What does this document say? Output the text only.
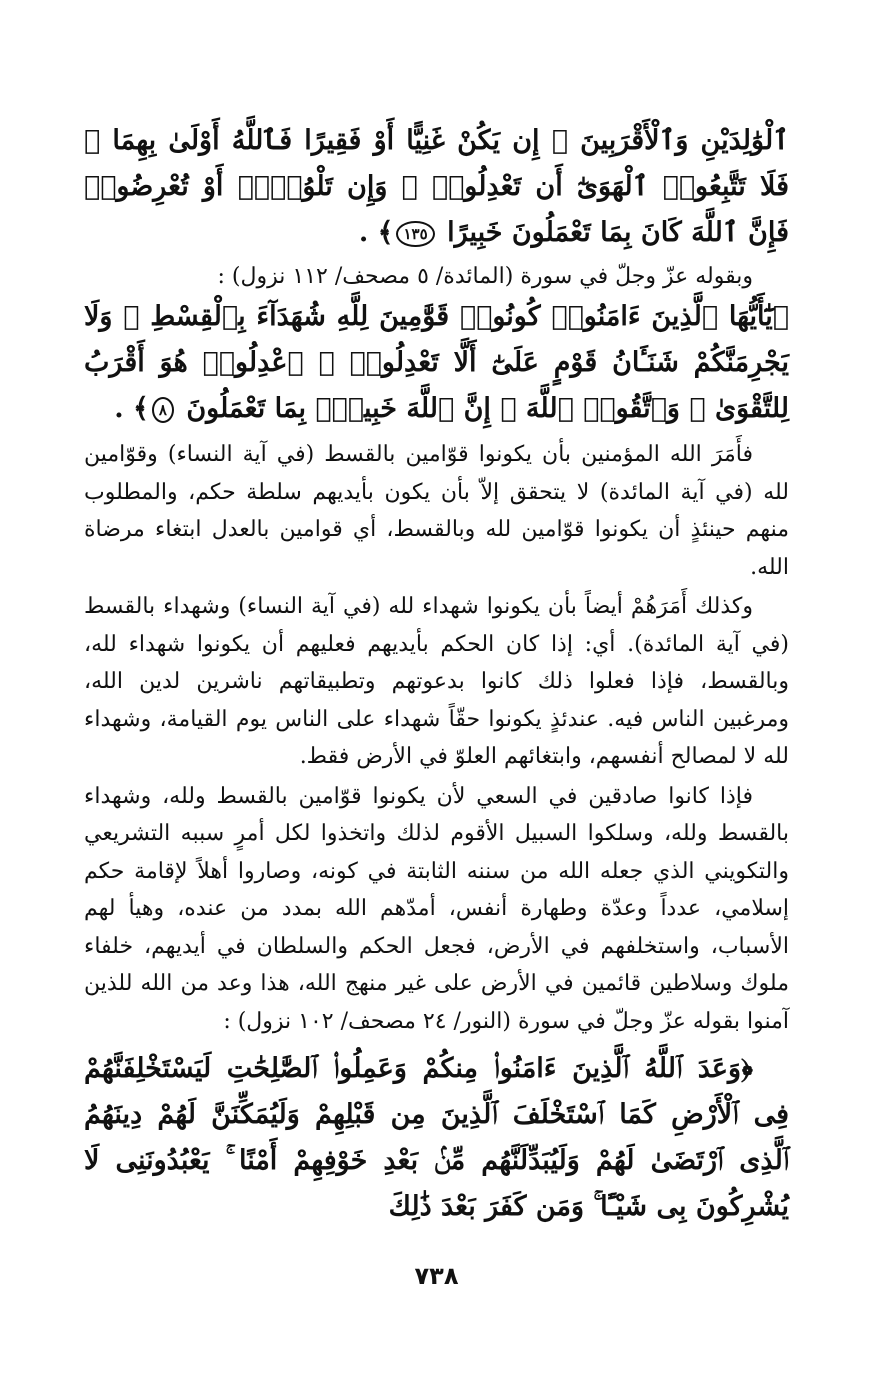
ٱلْوَٰلِدَيْنِ وَٱلْأَقْرَبِينَ ۚ إِن يَكُنْ غَنِيًّا أَوْ فَقِيرًا فَٱللَّهُ أَوْلَىٰ بِهِمَا ۖ فَلَا تَتَّبِعُوا۟ ٱلْهَوَىٰٓ أَن تَعْدِلُوا۟ ۚ وَإِن تَلْوُۥٓا۟ أَوْ تُعْرِضُوا۟ فَإِنَّ ٱللَّهَ كَانَ بِمَا تَعْمَلُونَ خَبِيرًا ١٣٥﴾ .

وبقوله عزّ وجلّ في سورة (المائدة/ ٥ مصحف/ ١١٢ نزول) :

﴿يَٰٓأَيُّهَا ٱلَّذِينَ ءَامَنُوا۟ كُونُوا۟ قَوَّٰمِينَ لِلَّهِ شُهَدَآءَ بِٱلْقِسْطِ ۖ وَلَا يَجْرِمَنَّكُمْ شَنَـَٔانُ قَوْمٍ عَلَىٰٓ أَلَّا تَعْدِلُوا۟ ۚ ٱعْدِلُوا۟ هُوَ أَقْرَبُ لِلتَّقْوَىٰ ۖ وَٱتَّقُوا۟ ٱللَّهَ ۚ إِنَّ ٱللَّهَ خَبِيرٌۢ بِمَا تَعْمَلُونَ ٨﴾ .

فأَمَرَ الله المؤمنين بأن يكونوا قوّامين بالقسط (في آية النساء) وقوّامين لله (في آية المائدة) لا يتحقق إلاّ بأن يكون بأيديهم سلطة حكم، والمطلوب منهم حينئذٍ أن يكونوا قوّامين لله وبالقسط، أي قوامين بالعدل ابتغاء مرضاة الله.

وكذلك أَمَرَهُمْ أيضاً بأن يكونوا شهداء لله (في آية النساء) وشهداء بالقسط (في آية المائدة). أي: إذا كان الحكم بأيديهم فعليهم أن يكونوا شهداء لله، وبالقسط، فإذا فعلوا ذلك كانوا بدعوتهم وتطبيقاتهم ناشرين لدين الله، ومرغبين الناس فيه. عندئذٍ يكونوا حقّاً شهداء على الناس يوم القيامة، وشهداء لله لا لمصالح أنفسهم، وابتغائهم العلوّ في الأرض فقط.

فإذا كانوا صادقين في السعي لأن يكونوا قوّامين بالقسط ولله، وشهداء بالقسط ولله، وسلكوا السبيل الأقوم لذلك واتخذوا لكل أمرٍ سببه التشريعي والتكويني الذي جعله الله من سننه الثابتة في كونه، وصاروا أهلاً لإقامة حكم إسلامي، عدداً وعدّة وطهارة أنفس، أمدّهم الله بمدد من عنده، وهيأ لهم الأسباب، واستخلفهم في الأرض، فجعل الحكم والسلطان في أيديهم، خلفاء ملوك وسلاطين قائمين في الأرض على غير منهج الله، هذا وعد من الله للذين آمنوا بقوله عزّ وجلّ في سورة (النور/ ٢٤ مصحف/ ١٠٢ نزول) :

﴿وَعَدَ ٱللَّهُ ٱلَّذِينَ ءَامَنُوا۟ مِنكُمْ وَعَمِلُوا۟ ٱلصَّٰلِحَٰتِ لَيَسْتَخْلِفَنَّهُمْ فِى ٱلْأَرْضِ كَمَا ٱسْتَخْلَفَ ٱلَّذِينَ مِن قَبْلِهِمْ وَلَيُمَكِّنَنَّ لَهُمْ دِينَهُمُ ٱلَّذِى ٱرْتَضَىٰ لَهُمْ وَلَيُبَدِّلَنَّهُم مِّنۢ بَعْدِ خَوْفِهِمْ أَمْنًا ۚ يَعْبُدُونَنِى لَا يُشْرِكُونَ بِى شَيْـًٔا ۚ وَمَن كَفَرَ بَعْدَ ذَٰلِكَ

٧٣٨
